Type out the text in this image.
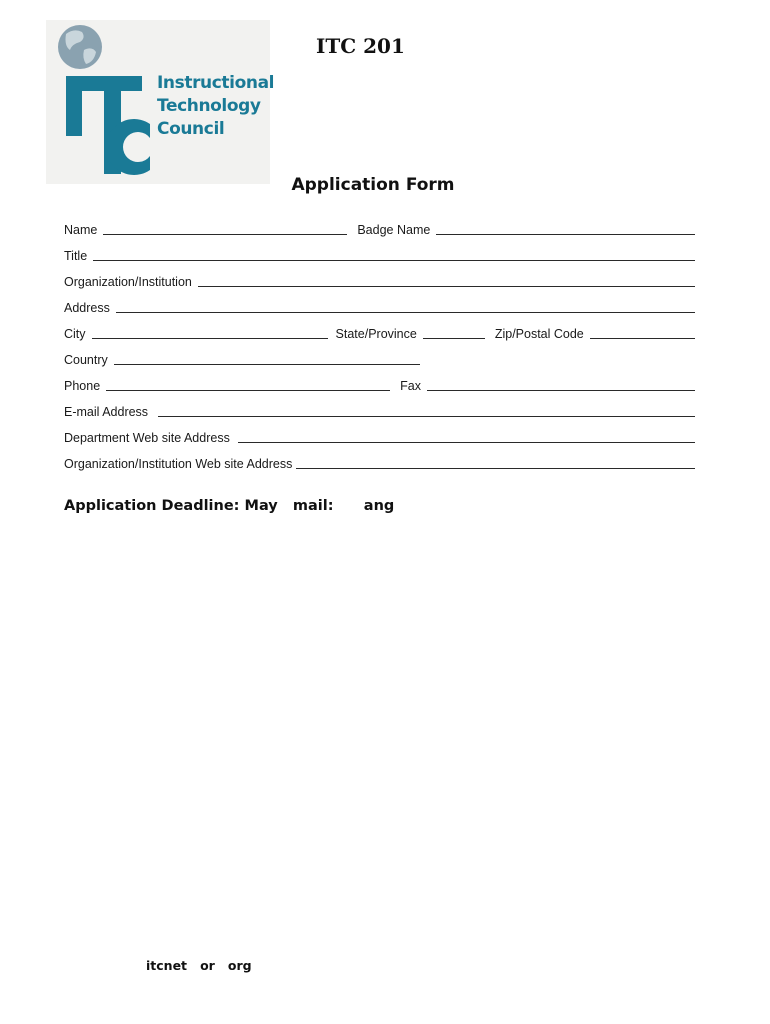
Instructional
Technology
Council
ITC 201
Application Form
Name	Badge Name
Title
Organization/Institution
Address
City	State/Province	Zip/Postal Code
Country
Phone	Fax
E-mail Address
Department Web site Address
Organization/Institution Web site Address
Application Deadline: May   mail:      ang
itcnet   or   org
